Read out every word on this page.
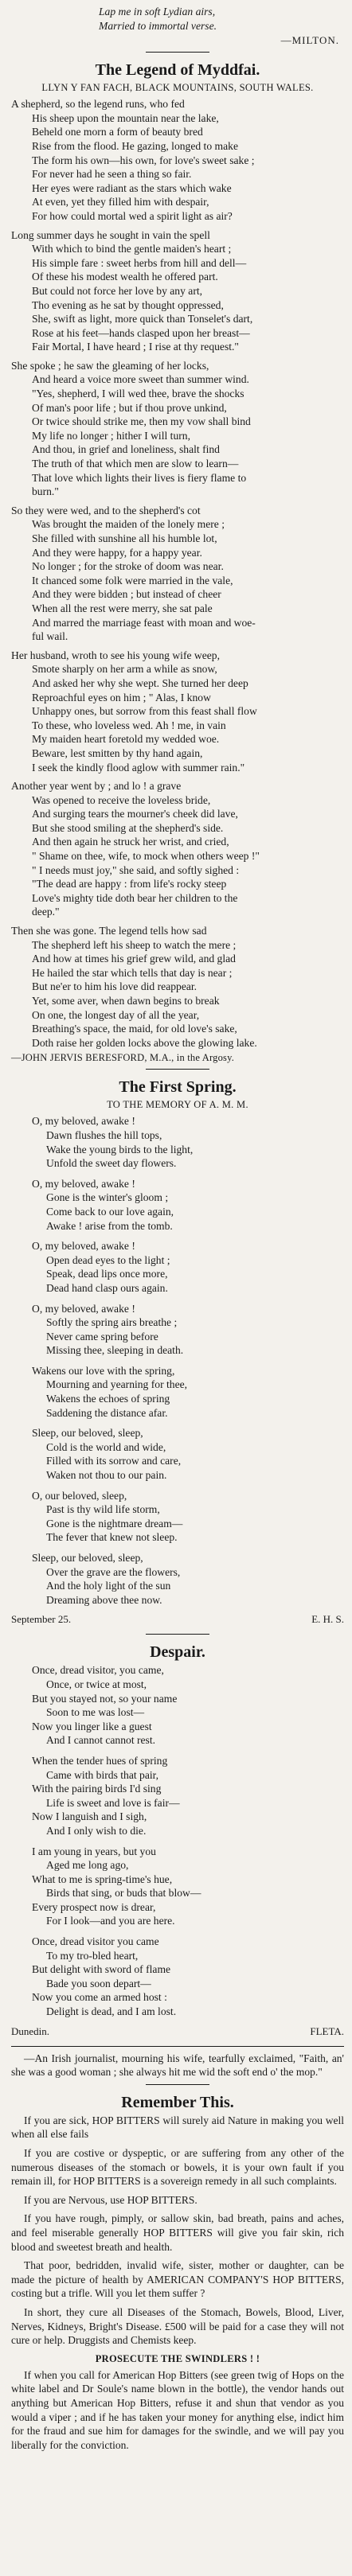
Lap me in soft Lydian airs,
Married to immortal verse.
—MILTON.
The Legend of Myddfai.
LLYN Y FAN FACH, BLACK MOUNTAINS, SOUTH WALES.
A shepherd, so the legend runs, who fed
His sheep upon the mountain near the lake,
Beheld one morn a form of beauty bred
Rise from the flood. He gazing, longed to make
The form his own—his own, for love's sweet sake ;
For never had he seen a thing so fair.
Her eyes were radiant as the stars which wake
At even, yet they filled him with despair,
For how could mortal wed a spirit light as air?
Long summer days he sought in vain the spell
With which to bind the gentle maiden's heart ;
His simple fare : sweet herbs from hill and dell—
Of these his modest wealth he offered part.
But could not force her love by any art,
Tho evening as he sat by thought oppressed,
She, swift as light, more quick than Tonselet's dart,
Rose at his feet—hands clasped upon her breast—
Fair Mortal, I have heard ; I rise at thy request."
She spoke ; he saw the gleaming of her locks,
And heard a voice more sweet than summer wind.
"Yes, shepherd, I will wed thee, brave the shocks
Of man's poor life ; but if thou prove unkind,
Or twice should strike me, then my vow shall bind
My life no longer ; hither I will turn,
And thou, in grief and loneliness, shalt find
The truth of that which men are slow to learn—
That love which lights their lives is fiery flame to
burn."
So they were wed, and to the shepherd's cot
Was brought the maiden of the lonely mere ;
She filled with sunshine all his humble lot,
And they were happy, for a happy year.
No longer ; for the stroke of doom was near.
It chanced some folk were married in the vale,
And they were bidden ; but instead of cheer
When all the rest were merry, she sat pale
And marred the marriage feast with moan and woe-
ful wail.
Her husband, wroth to see his young wife weep,
Smote sharply on her arm a while as snow,
And asked her why she wept. She turned her deep
Reproachful eyes on him ; " Alas, I know
Unhappy ones, but sorrow from this feast shall flow
To these, who loveless wed. Ah ! me, in vain
My maiden heart foretold my wedded woe.
Beware, lest smitten by thy hand again,
I seek the kindly flood aglow with summer rain."
Another year went by ; and lo ! a grave
Was opened to receive the loveless bride,
And surging tears the mourner's cheek did lave,
But she stood smiling at the shepherd's side.
And then again he struck her wrist, and cried,
" Shame on thee, wife, to mock when others weep !"
" I needs must joy," she said, and softly sighed :
"The dead are happy : from life's rocky steep
Love's mighty tide doth bear her children to the
deep."
Then she was gone. The legend tells how sad
The shepherd left his sheep to watch the mere ;
And how at times his grief grew wild, and glad
He hailed the star which tells that day is near ;
But ne'er to him his love did reappear.
Yet, some aver, when dawn begins to break
On one, the longest day of all the year,
Breathing's space, the maid, for old love's sake,
Doth raise her golden locks above the glowing lake.
—JOHN JERVIS BERESFORD, M.A., in the Argosy.
The First Spring.
TO THE MEMORY OF A. M. M.
O, my beloved, awake !
Dawn flushes the hill tops,
Wake the young birds to the light,
Unfold the sweet day flowers.
O, my beloved, awake !
Gone is the winter's gloom ;
Come back to our love again,
Awake ! arise from the tomb.
O, my beloved, awake !
Open dead eyes to the light ;
Speak, dead lips once more,
Dead hand clasp ours again.
O, my beloved, awake !
Softly the spring airs breathe ;
Never came spring before
Missing thee, sleeping in death.
Wakens our love with the spring,
Mourning and yearning for thee,
Wakens the echoes of spring
Saddening the distance afar.
Sleep, our beloved, sleep,
Cold is the world and wide,
Filled with its sorrow and care,
Waken not thou to our pain.
O, our beloved, sleep,
Past is thy wild life storm,
Gone is the nightmare dream—
The fever that knew not sleep.
Sleep, our beloved, sleep,
Over the grave are the flowers,
And the holy light of the sun
Dreaming above thee now.
September 25.	E. H. S.
Despair.
Once, dread visitor, you came,
Once, or twice at most,
But you stayed not, so your name
Soon to me was lost—
Now you linger like a guest
And I cannot cannot rest.
When the tender hues of spring
Came with birds that pair,
With the pairing birds I'd sing
Life is sweet and love is fair—
Now I languish and I sigh,
And I only wish to die.
I am young in years, but you
Aged me long ago,
What to me is spring-time's hue,
Birds that sing, or buds that blow—
Every prospect now is drear,
For I look—and you are here.
Once, dread visitor you came
To my tro-bled heart,
But delight with sword of flame
Bade you soon depart—
Now you come an armed host :
Delight is dead, and I am lost.
Dunedin.	FLETA.

—An Irish journalist, mourning his wife, tearfully exclaimed, "Faith, an' she was a good woman ; she always hit me wid the soft end o' the mop."

Remember This.

If you are sick, HOP BITTERS will surely aid Nature in making you well when all else fails

If you are costive or dyspeptic, or are suffering from any other of the numerous diseases of the stomach or bowels, it is your own fault if you remain ill, for HOP BITTERS is a sovereign remedy in all such complaints.

If you are Nervous, use HOP BITTERS.

If you have rough, pimply, or sallow skin, bad breath, pains and aches, and feel miserable generally HOP BITTERS will give you fair skin, rich blood and sweetest breath and health.

That poor, bedridden, invalid wife, sister, mother or daughter, can be made the picture of health by AMERICAN COMPANY'S HOP BITTERS, costing but a trifle. Will you let them suffer ?

In short, they cure all Diseases of the Stomach, Bowels, Blood, Liver, Nerves, Kidneys, Bright's Disease. £500 will be paid for a case they will not cure or help. Druggists and Chemists keep.

PROSECUTE THE SWINDLERS ! !

If when you call for American Hop Bitters (see green twig of Hops on the white label and Dr Soule's name blown in the bottle), the vendor hands out anything but American Hop Bitters, refuse it and shun that vendor as you would a viper ; and if he has taken your money for anything else, indict him for the fraud and sue him for damages for the swindle, and we will pay you liberally for the conviction.
